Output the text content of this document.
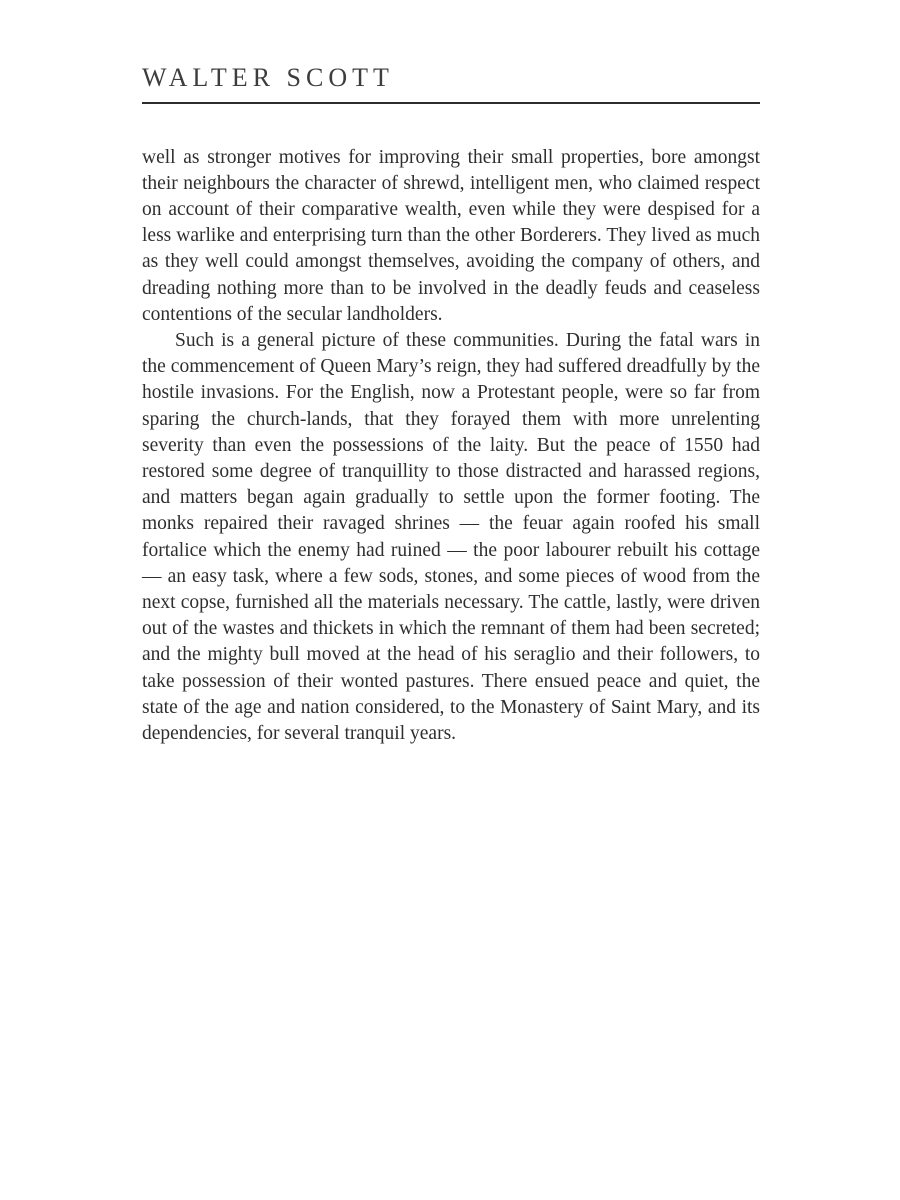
WALTER SCOTT

well as stronger motives for improving their small properties, bore amongst their neighbours the character of shrewd, intelligent men, who claimed respect on account of their comparative wealth, even while they were despised for a less warlike and enterprising turn than the other Borderers. They lived as much as they well could amongst themselves, avoiding the company of others, and dreading nothing more than to be involved in the deadly feuds and ceaseless contentions of the secular landholders.

Such is a general picture of these communities. During the fatal wars in the commencement of Queen Mary’s reign, they had suffered dreadfully by the hostile invasions. For the English, now a Protestant people, were so far from sparing the church-lands, that they forayed them with more unrelenting severity than even the possessions of the laity. But the peace of 1550 had restored some degree of tranquillity to those distracted and harassed regions, and matters began again gradually to settle upon the former footing. The monks repaired their ravaged shrines — the feuar again roofed his small fortalice which the enemy had ruined — the poor labourer rebuilt his cottage — an easy task, where a few sods, stones, and some pieces of wood from the next copse, furnished all the materials necessary. The cattle, lastly, were driven out of the wastes and thickets in which the remnant of them had been secreted; and the mighty bull moved at the head of his seraglio and their followers, to take possession of their wonted pastures. There ensued peace and quiet, the state of the age and nation considered, to the Monastery of Saint Mary, and its dependencies, for several tranquil years.
